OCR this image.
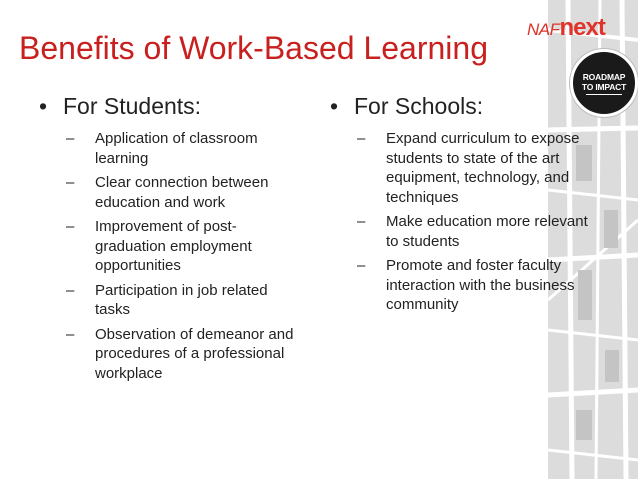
NAFnext
ROADMAP
TO IMPACT
Benefits of Work-Based Learning
• For Students:
– Application of classroom learning
– Clear connection between education and work
– Improvement of post-graduation employment opportunities
– Participation in job related tasks
– Observation of demeanor and procedures of a professional workplace
• For Schools:
– Expand curriculum to expose students to state of the art equipment, technology, and techniques
– Make education more relevant to students
– Promote and foster faculty interaction with the business community
